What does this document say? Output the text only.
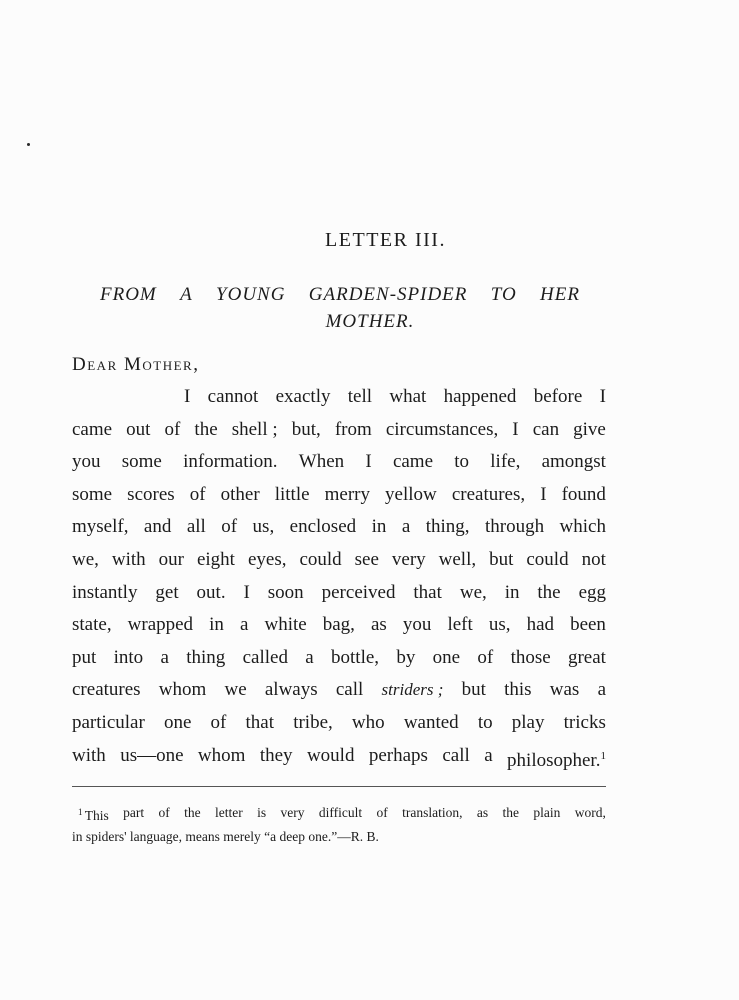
LETTER III.
FROM A YOUNG GARDEN-SPIDER TO HER
MOTHER.
Dear Mother,
I cannot exactly tell what happened before I
came out of the shell ; but, from circumstances, I can give
you some information. When I came to life, amongst
some scores of other little merry yellow creatures, I found
myself, and all of us, enclosed in a thing, through which
we, with our eight eyes, could see very well, but could not
instantly get out. I soon perceived that we, in the egg
state, wrapped in a white bag, as you left us, had been
put into a thing called a bottle, by one of those great
creatures whom we always call striders ; but this was a
particular one of that tribe, who wanted to play tricks
with us—one whom they would perhaps call a philosopher.$^1$
$^1$ This part of the letter is very difficult of translation, as the plain word,
in spiders' language, means merely “a deep one.”—R. B.
